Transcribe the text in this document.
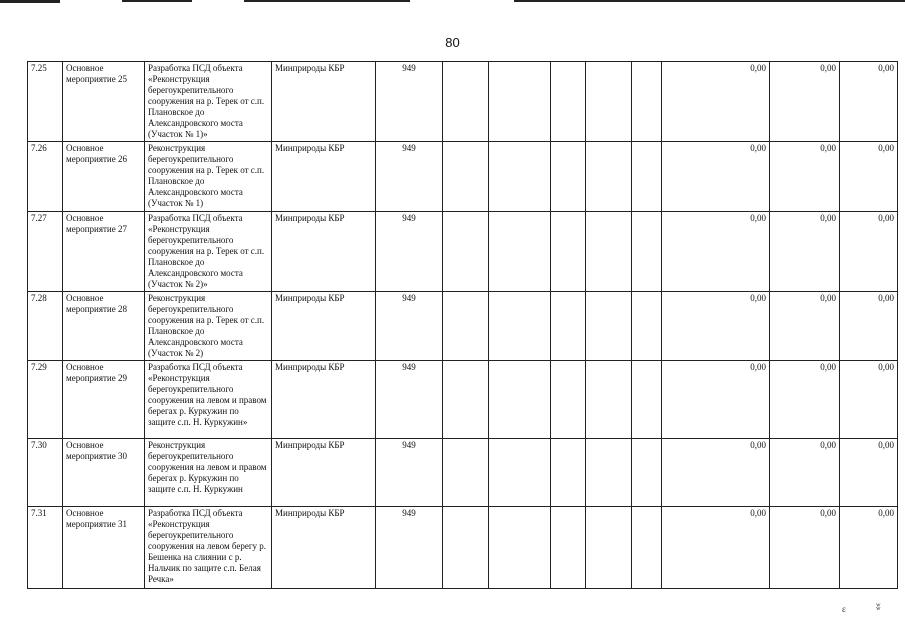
80
7.25	Основное мероприятие 25	Разработка ПСД объекта «Реконструкция берегоукрепительного сооружения на р. Терек от с.п. Плановское до Александровского моста (Участок № 1)»	Минприроды КБР	949						0,00	0,00	0,00
7.26	Основное мероприятие 26	Реконструкция берегоукрепительного сооружения на р. Терек от с.п. Плановское до Александровского моста (Участок № 1)	Минприроды КБР	949						0,00	0,00	0,00
7.27	Основное мероприятие 27	Разработка ПСД объекта «Реконструкция берегоукрепительного сооружения на р. Терек от с.п. Плановское до Александровского моста (Участок № 2)»	Минприроды КБР	949						0,00	0,00	0,00
7.28	Основное мероприятие 28	Реконструкция берегоукрепительного сооружения на р. Терек от с.п. Плановское до Александровского моста (Участок № 2)	Минприроды КБР	949						0,00	0,00	0,00
7.29	Основное мероприятие 29	Разработка ПСД объекта «Реконструкция берегоукрепительного сооружения на левом и правом берегах р. Куркужин по защите с.п. Н. Куркужин»	Минприроды КБР	949						0,00	0,00	0,00
7.30	Основное мероприятие 30	Реконструкция берегоукрепительного сооружения на левом и правом берегах р. Куркужин по защите с.п. Н. Куркужин	Минприроды КБР	949						0,00	0,00	0,00
7.31	Основное мероприятие 31	Разработка ПСД объекта «Реконструкция берегоукрепительного сооружения на левом берегу р. Бешенка на слиянии с р. Нальчик по защите с.п. Белая Речка»	Минприроды КБР	949						0,00	0,00	0,00
ɛ	ʬ
